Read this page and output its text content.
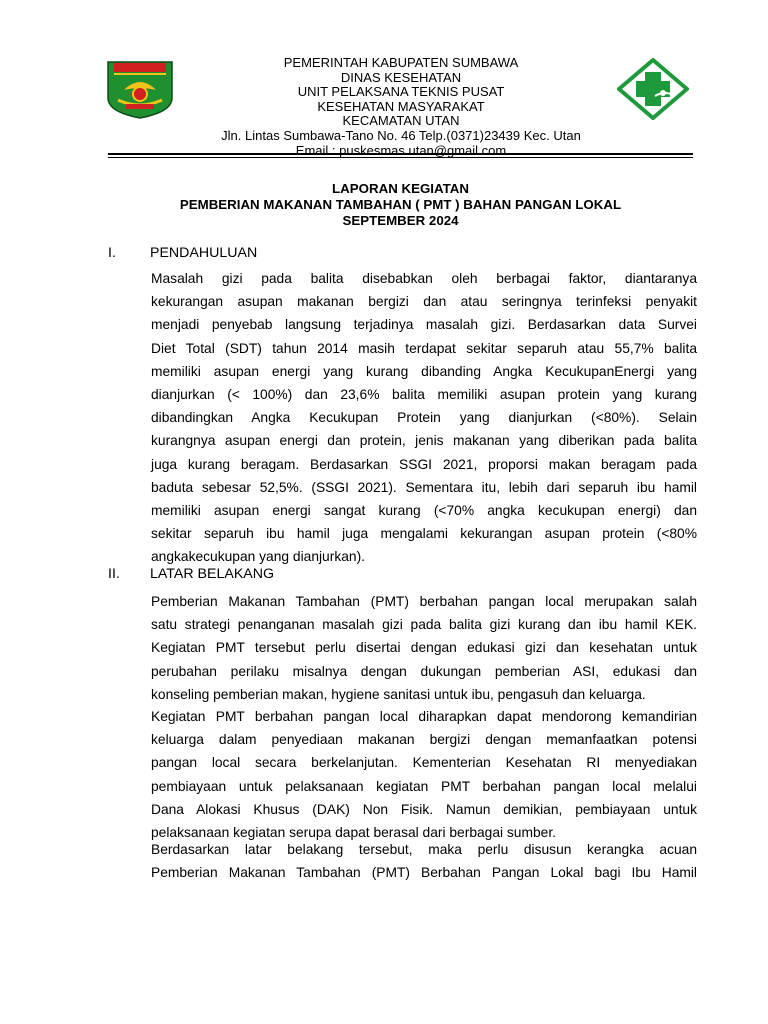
PEMERINTAH KABUPATEN SUMBAWA
DINAS KESEHATAN
UNIT PELAKSANA TEKNIS PUSAT
KESEHATAN MASYARAKAT
KECAMATAN UTAN
Jln. Lintas Sumbawa-Tano No. 46 Telp.(0371)23439 Kec. Utan
Email : puskesmas.utan@gmail.com
LAPORAN KEGIATAN
PEMBERIAN MAKANAN TAMBAHAN ( PMT ) BAHAN PANGAN LOKAL
SEPTEMBER 2024
I. PENDAHULUAN
Masalah gizi pada balita disebabkan oleh berbagai faktor, diantaranya
kekurangan asupan makanan bergizi dan atau seringnya terinfeksi penyakit
menjadi penyebab langsung terjadinya masalah gizi. Berdasarkan data Survei
Diet Total (SDT) tahun 2014 masih terdapat sekitar separuh atau 55,7% balita
memiliki asupan energi yang kurang dibanding Angka KecukupanEnergi yang
dianjurkan (< 100%) dan 23,6% balita memiliki asupan protein yang kurang
dibandingkan Angka Kecukupan Protein yang dianjurkan (<80%). Selain
kurangnya asupan energi dan protein, jenis makanan yang diberikan pada balita
juga kurang beragam. Berdasarkan SSGI 2021, proporsi makan beragam pada
baduta sebesar 52,5%. (SSGI 2021). Sementara itu, lebih dari separuh ibu hamil
memiliki asupan energi sangat kurang (<70% angka kecukupan energi) dan
sekitar separuh ibu hamil juga mengalami kekurangan asupan protein (<80%
angkakecukupan yang dianjurkan).
II. LATAR BELAKANG
Pemberian Makanan Tambahan (PMT) berbahan pangan local merupakan salah
satu strategi penanganan masalah gizi pada balita gizi kurang dan ibu hamil KEK.
Kegiatan PMT tersebut perlu disertai dengan edukasi gizi dan kesehatan untuk
perubahan perilaku misalnya dengan dukungan pemberian ASI, edukasi dan
konseling pemberian makan, hygiene sanitasi untuk ibu, pengasuh dan keluarga.
Kegiatan PMT berbahan pangan local diharapkan dapat mendorong kemandirian
keluarga dalam penyediaan makanan bergizi dengan memanfaatkan potensi
pangan local secara berkelanjutan. Kementerian Kesehatan RI menyediakan
pembiayaan untuk pelaksanaan kegiatan PMT berbahan pangan local melalui
Dana Alokasi Khusus (DAK) Non Fisik. Namun demikian, pembiayaan untuk
pelaksanaan kegiatan serupa dapat berasal dari berbagai sumber.
Berdasarkan latar belakang tersebut, maka perlu disusun kerangka acuan
Pemberian Makanan Tambahan (PMT) Berbahan Pangan Lokal bagi Ibu Hamil
